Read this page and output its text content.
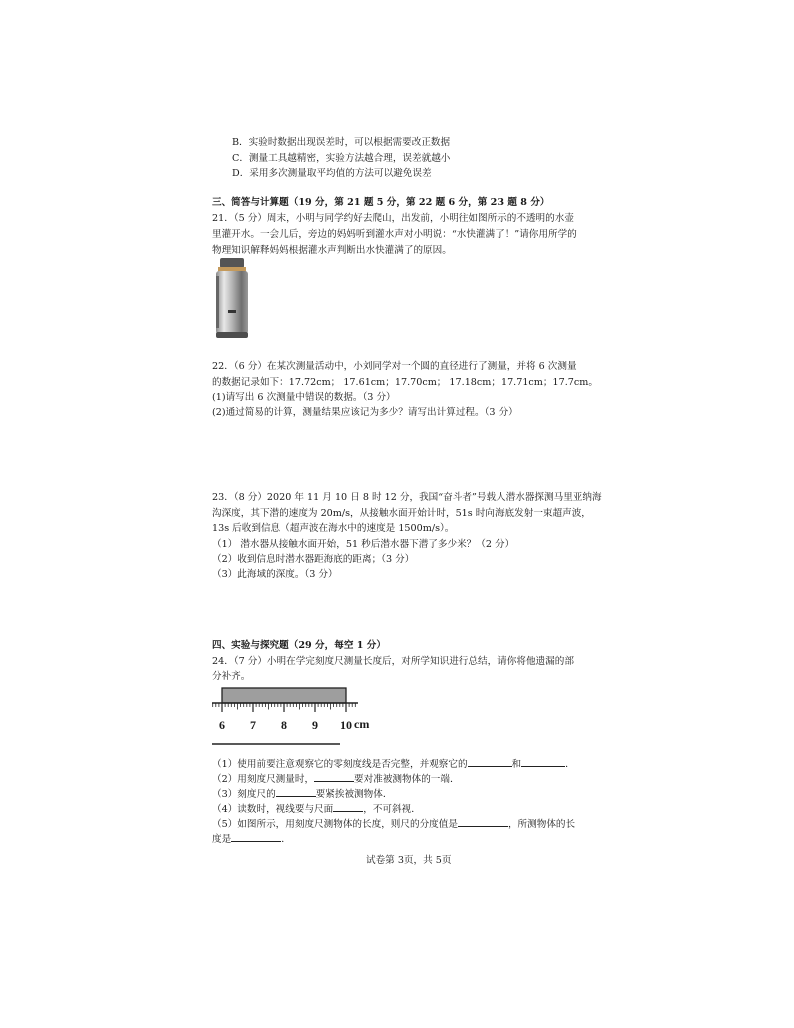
B．实验时数据出现误差时，可以根据需要改正数据
C．测量工具越精密，实验方法越合理，误差就越小
D．采用多次测量取平均值的方法可以避免误差
三、简答与计算题（19 分，第 21 题 5 分，第 22 题 6 分，第 23 题 8 分）
21．（5 分）周末，小明与同学约好去爬山，出发前，小明往如图所示的不透明的水壶
里灌开水。一会儿后，旁边的妈妈听到灌水声对小明说：“水快灌满了！”请你用所学的
物理知识解释妈妈根据灌水声判断出水快灌满了的原因。
22．（6 分）在某次测量活动中，小刘同学对一个圆的直径进行了测量，并将 6 次测量
的数据记录如下：17.72cm； 17.61cm；17.70cm； 17.18cm；17.71cm；17.7cm。
(1)请写出 6 次测量中错误的数据。（3 分）
(2)通过简易的计算，测量结果应该记为多少？请写出计算过程。（3 分）
23．（8 分）2020 年 11 月 10 日 8 时 12 分，我国“奋斗者”号载人潜水器探测马里亚纳海
沟深度，其下潜的速度为 20m/s，从接触水面开始计时，51s 时向海底发射一束超声波，
13s 后收到信息（超声波在海水中的速度是 1500m/s）。
（1） 潜水器从接触水面开始，51 秒后潜水器下潜了多少米？（2 分）
（2）收到信息时潜水器距海底的距离；（3 分）
（3）此海域的深度。（3 分）
四、实验与探究题（29 分，每空 1 分）
24．（7 分）小明在学完刻度尺测量长度后，对所学知识进行总结，请你将他遗漏的部
分补齐。
6 7 8 9 10 cm
（1）使用前要注意观察它的零刻度线是否完整，并观察它的	和	．
（2）用刻度尺测量时，	要对准被测物体的一端．
（3）刻度尺的	要紧挨被测物体．
（4）读数时，视线要与尺面	，不可斜视．
（5）如图所示，用刻度尺测物体的长度，则尺的分度值是	，所测物体的长
度是	．
试卷第 3页，共 5页
